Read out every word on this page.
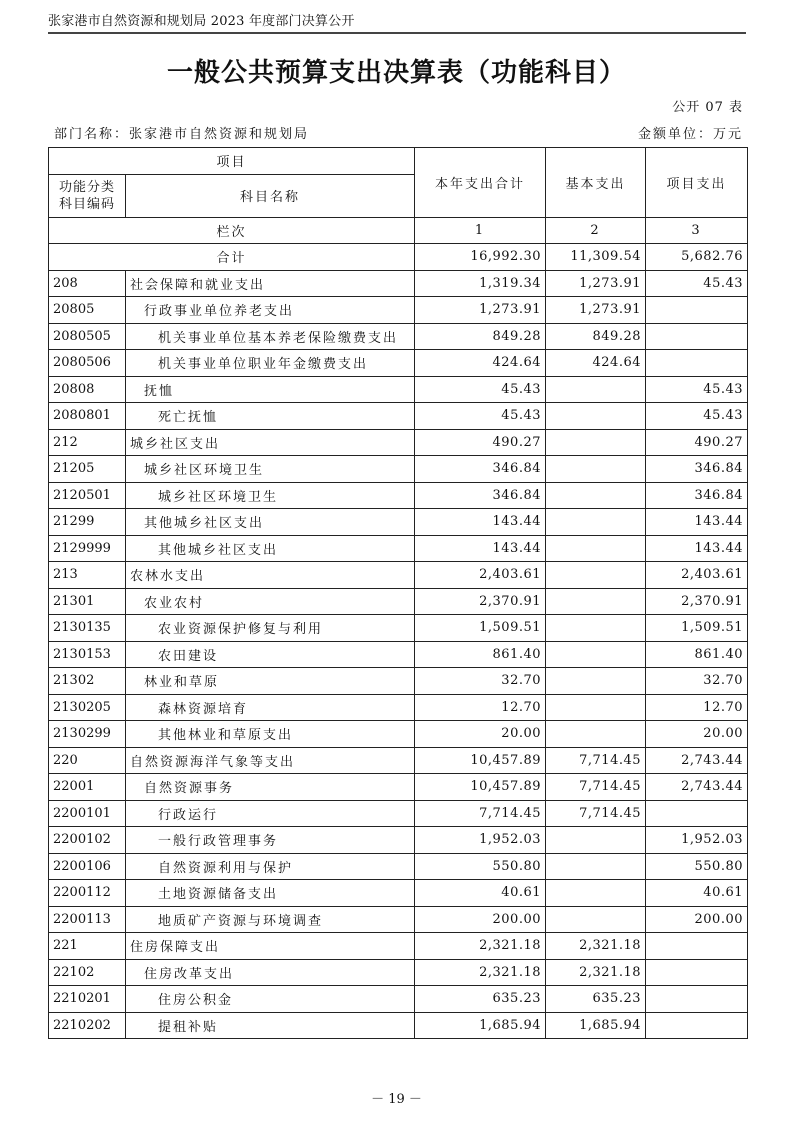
张家港市自然资源和规划局 2023 年度部门决算公开
一般公共预算支出决算表（功能科目）
公开 07 表
部门名称：张家港市自然资源和规划局	金额单位：万元
项目		本年支出合计	基本支出	项目支出

功能分类
科目编码	科目名称			
栏次		1	2	3
合计		16,992.30	11,309.54	5,682.76
208	社会保障和就业支出	1,319.34	1,273.91	45.43
20805	行政事业单位养老支出	1,273.91	1,273.91	
2080505	机关事业单位基本养老保险缴费支出	849.28	849.28	
2080506	机关事业单位职业年金缴费支出	424.64	424.64	
20808	抚恤	45.43		45.43
2080801	死亡抚恤	45.43		45.43
212	城乡社区支出	490.27		490.27
21205	城乡社区环境卫生	346.84		346.84
2120501	城乡社区环境卫生	346.84		346.84
21299	其他城乡社区支出	143.44		143.44
2129999	其他城乡社区支出	143.44		143.44
213	农林水支出	2,403.61		2,403.61
21301	农业农村	2,370.91		2,370.91
2130135	农业资源保护修复与利用	1,509.51		1,509.51
2130153	农田建设	861.40		861.40
21302	林业和草原	32.70		32.70
2130205	森林资源培育	12.70		12.70
2130299	其他林业和草原支出	20.00		20.00
220	自然资源海洋气象等支出	10,457.89	7,714.45	2,743.44
22001	自然资源事务	10,457.89	7,714.45	2,743.44
2200101	行政运行	7,714.45	7,714.45	
2200102	一般行政管理事务	1,952.03		1,952.03
2200106	自然资源利用与保护	550.80		550.80
2200112	土地资源储备支出	40.61		40.61
2200113	地质矿产资源与环境调查	200.00		200.00
221	住房保障支出	2,321.18	2,321.18	
22102	住房改革支出	2,321.18	2,321.18	
2210201	住房公积金	635.23	635.23	
2210202	提租补贴	1,685.94	1,685.94	
－ 19 －
